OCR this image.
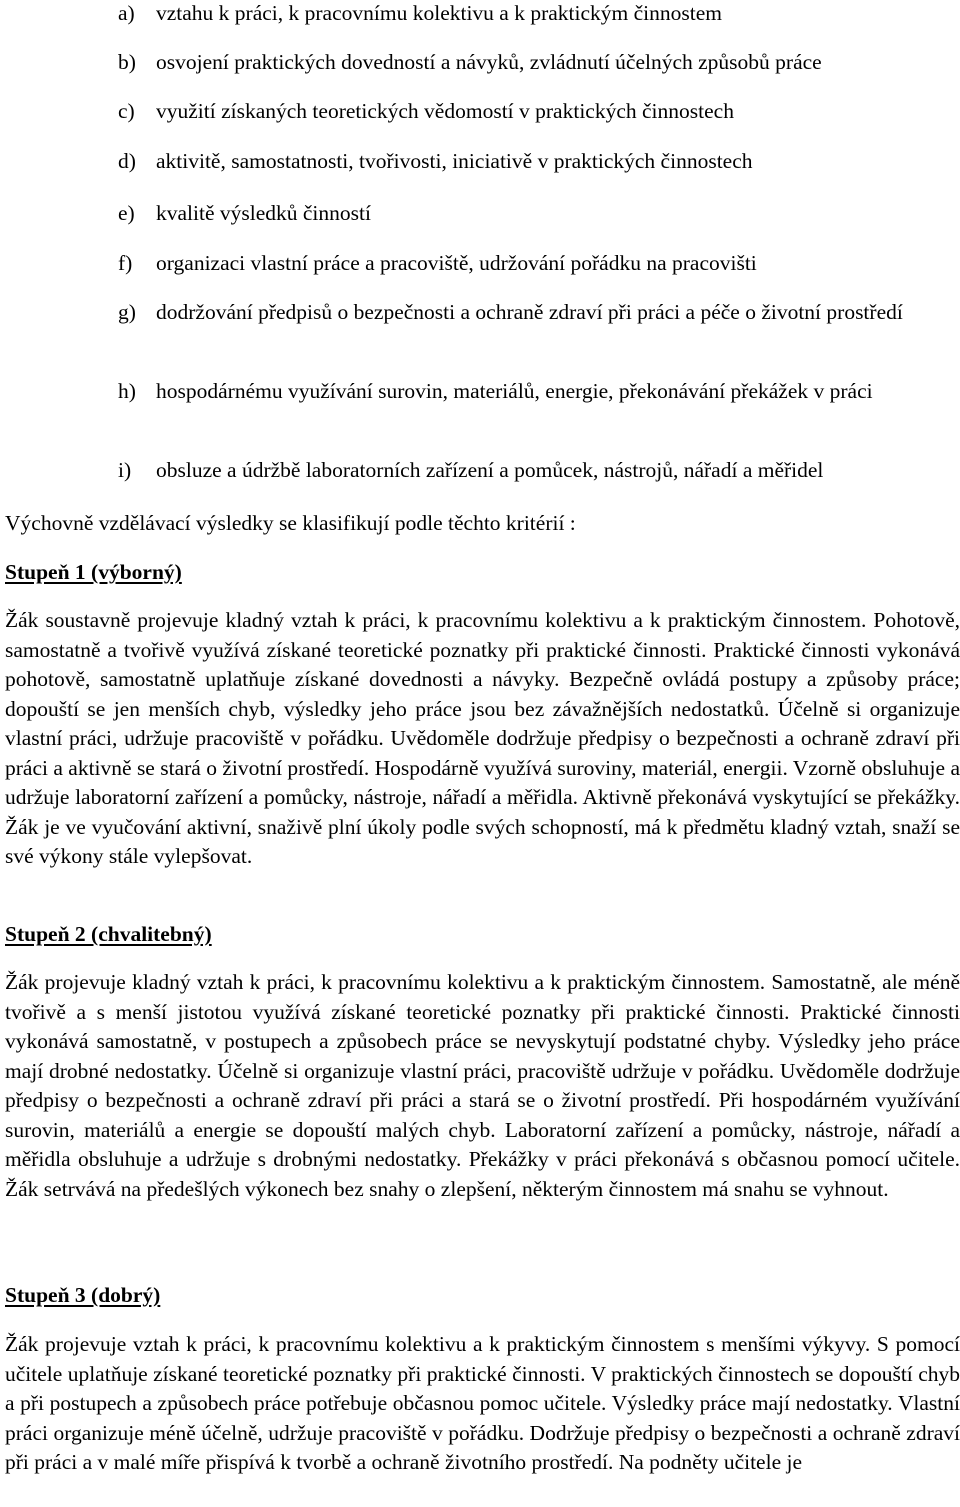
a) vztahu k práci, k pracovnímu kolektivu a k praktickým činnostem
b) osvojení praktických dovedností a návyků, zvládnutí účelných způsobů práce
c) využití získaných teoretických vědomostí v praktických činnostech
d) aktivitě, samostatnosti, tvořivosti, iniciativě v praktických činnostech
e) kvalitě výsledků činností
f)	organizaci vlastní práce a pracoviště, udržování pořádku na pracovišti
g) dodržování předpisů o bezpečnosti a ochraně zdraví při práci a péče o životní prostředí
h) hospodárnému využívání surovin, materiálů, energie, překonávání překážek v práci
i)	obsluze a údržbě laboratorních zařízení a pomůcek, nástrojů, nářadí a měřidel
Výchovně vzdělávací výsledky se klasifikují podle těchto kritérií :
Stupeň 1 (výborný)
Žák soustavně projevuje kladný vztah k práci, k pracovnímu kolektivu a k praktickým činnostem. Pohotově, samostatně a tvořivě využívá získané teoretické poznatky při praktické činnosti. Praktické činnosti vykonává pohotově, samostatně uplatňuje získané dovednosti a návyky. Bezpečně ovládá postupy a způsoby práce; dopouští se jen menších chyb, výsledky jeho práce jsou bez závažnějších nedostatků. Účelně si organizuje vlastní práci, udržuje pracoviště v pořádku. Uvědoměle dodržuje předpisy o bezpečnosti a ochraně zdraví při práci a aktivně se stará o životní prostředí. Hospodárně využívá suroviny, materiál, energii. Vzorně obsluhuje a udržuje laboratorní zařízení a pomůcky, nástroje, nářadí a měřidla. Aktivně překonává vyskytující se překážky. Žák je ve vyučování aktivní, snaživě plní úkoly podle svých schopností, má k předmětu kladný vztah, snaží se své výkony stále vylepšovat.
Stupeň 2 (chvalitebný)
Žák projevuje kladný vztah k práci, k pracovnímu kolektivu a k praktickým činnostem. Samostatně, ale méně tvořivě a s menší jistotou využívá získané teoretické poznatky při praktické činnosti. Praktické činnosti vykonává samostatně, v postupech a způsobech práce se nevyskytují podstatné chyby. Výsledky jeho práce mají drobné nedostatky. Účelně si organizuje vlastní práci, pracoviště udržuje v pořádku. Uvědoměle dodržuje předpisy o bezpečnosti a ochraně zdraví při práci a stará se o životní prostředí. Při hospodárném využívání surovin, materiálů a energie se dopouští malých chyb. Laboratorní zařízení a pomůcky, nástroje, nářadí a měřidla obsluhuje a udržuje s drobnými nedostatky. Překážky v práci překonává s občasnou pomocí učitele. Žák setrvává na předešlých výkonech bez snahy o zlepšení, některým činnostem má snahu se vyhnout.
Stupeň 3 (dobrý)
Žák projevuje vztah k práci, k pracovnímu kolektivu a k praktickým činnostem s menšími výkyvy. S pomocí učitele uplatňuje získané teoretické poznatky při praktické činnosti. V praktických činnostech se dopouští chyb a při postupech a způsobech práce potřebuje občasnou pomoc učitele. Výsledky práce mají nedostatky. Vlastní práci organizuje méně účelně, udržuje pracoviště v pořádku. Dodržuje předpisy o bezpečnosti a ochraně zdraví při práci a v malé míře přispívá k tvorbě a ochraně životního prostředí. Na podněty učitele je
